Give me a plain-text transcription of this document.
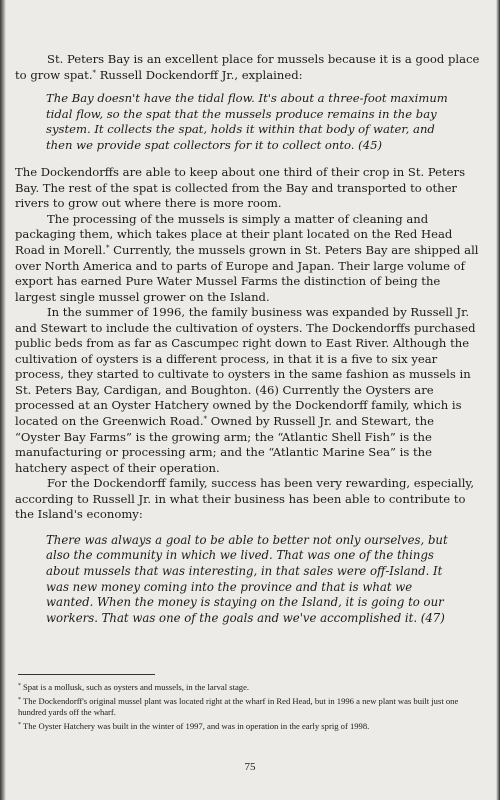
St. Peters Bay is an excellent place for mussels because it is a good place to grow spat.* Russell Dockendorff Jr., explained:

The Bay doesn't have the tidal flow. It's about a three-foot maximum tidal flow, so the spat that the mussels produce remains in the bay system. It collects the spat, holds it within that body of water, and then we provide spat collectors for it to collect onto. (45)

The Dockendorffs are able to keep about one third of their crop in St. Peters Bay. The rest of the spat is collected from the Bay and transported to other rivers to grow out where there is more room.

The processing of the mussels is simply a matter of cleaning and packaging them, which takes place at their plant located on the Red Head Road in Morell.* Currently, the mussels grown in St. Peters Bay are shipped all over North America and to parts of Europe and Japan. Their large volume of export has earned Pure Water Mussel Farms the distinction of being the largest single mussel grower on the Island.

In the summer of 1996, the family business was expanded by Russell Jr. and Stewart to include the cultivation of oysters. The Dockendorffs purchased public beds from as far as Cascumpec right down to East River. Although the cultivation of oysters is a different process, in that it is a five to six year process, they started to cultivate to oysters in the same fashion as mussels in St. Peters Bay, Cardigan, and Boughton. (46) Currently the Oysters are processed at an Oyster Hatchery owned by the Dockendorff family, which is located on the Greenwich Road.* Owned by Russell Jr. and Stewart, the “Oyster Bay Farms” is the growing arm; the “Atlantic Shell Fish” is the manufacturing or processing arm; and the “Atlantic Marine Sea” is the hatchery aspect of their operation.

For the Dockendorff family, success has been very rewarding, especially, according to Russell Jr. in what their business has been able to contribute to the Island's economy:

There was always a goal to be able to better not only ourselves, but also the community in which we lived. That was one of the things about mussels that was interesting, in that sales were off-Island. It was new money coming into the province and that is what we wanted. When the money is staying on the Island, it is going to our workers. That was one of the goals and we've accomplished it. (47)

* Spat is a mollusk, such as oysters and mussels, in the larval stage.

* The Dockendorff's original mussel plant was located right at the wharf in Red Head, but in 1996 a new plant was built just one hundred yards off the wharf.

* The Oyster Hatchery was built in the winter of 1997, and was in operation in the early sprig of 1998.

75
